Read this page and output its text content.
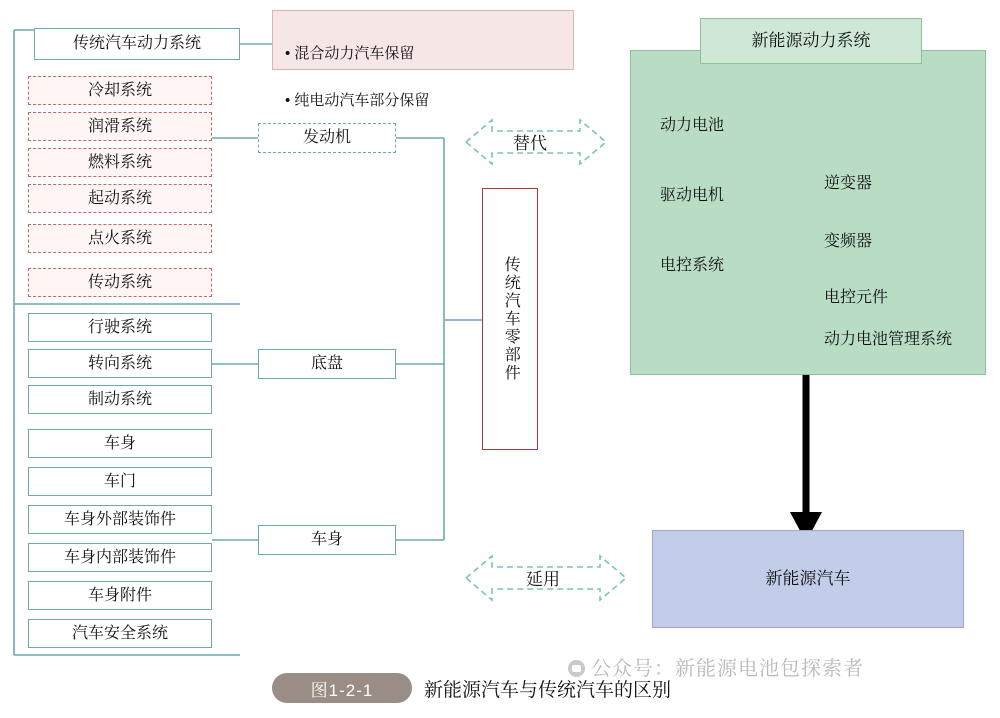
传统汽车动力系统

• 混合动力汽车保留

• 纯电动汽车部分保留

冷却系统
润滑系统
燃料系统
起动系统
点火系统
传动系统
行驶系统
转向系统
制动系统
车身
车门
车身外部装饰件
车身内部装饰件
车身附件
汽车安全系统
发动机
底盘
车身
传统汽车零部件
替代
延用
新能源动力系统
动力电池
驱动电机
电控系统
逆变器
变频器
电控元件
动力电池管理系统
新能源汽车
图1-2-1	新能源汽车与传统汽车的区别
公众号：新能源电池包探索者
